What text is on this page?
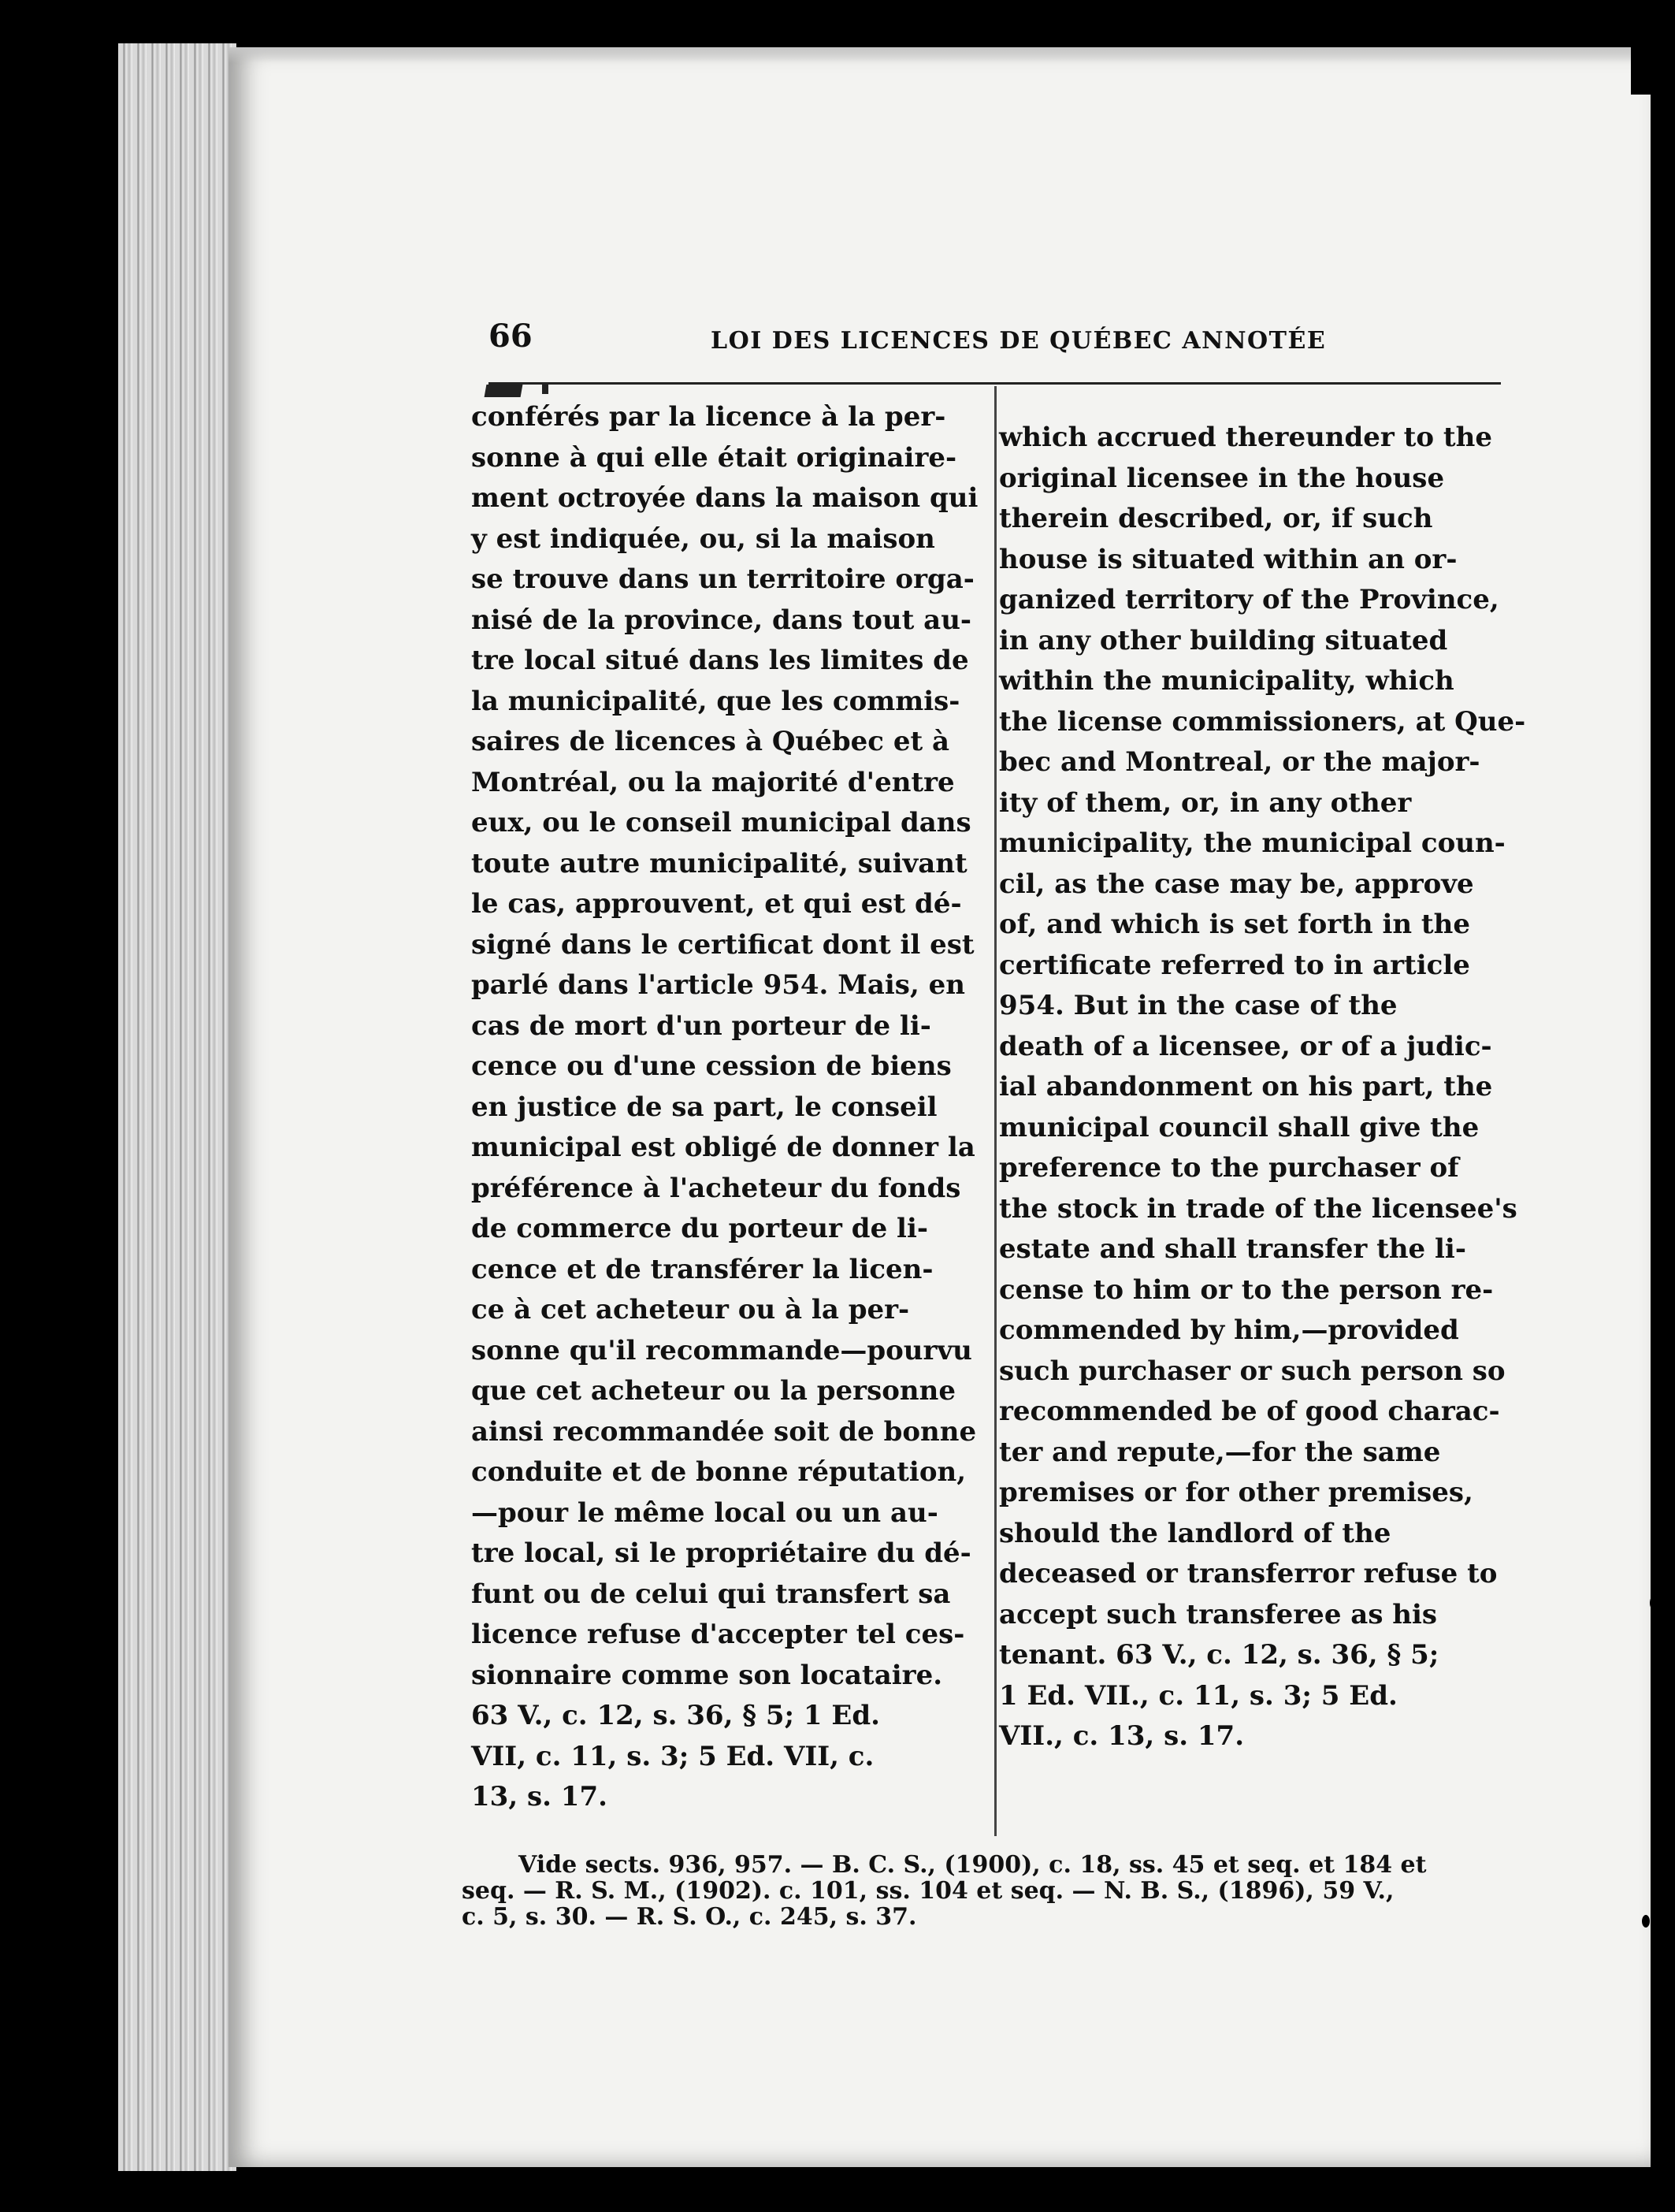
66	LOI DES LICENCES DE QUÉBEC ANNOTÉE
conférés par la licence à la per-
sonne à qui elle était originaire-
ment octroyée dans la maison qui
y est indiquée, ou, si la maison
se trouve dans un territoire orga-
nisé de la province, dans tout au-
tre local situé dans les limites de
la municipalité, que les commis-
saires de licences à Québec et à
Montréal, ou la majorité d'entre
eux, ou le conseil municipal dans
toute autre municipalité, suivant
le cas, approuvent, et qui est dé-
signé dans le certificat dont il est
parlé dans l'article 954. Mais, en
cas de mort d'un porteur de li-
cence ou d'une cession de biens
en justice de sa part, le conseil
municipal est obligé de donner la
préférence à l'acheteur du fonds
de commerce du porteur de li-
cence et de transférer la licen-
ce à cet acheteur ou à la per-
sonne qu'il recommande—pourvu
que cet acheteur ou la personne
ainsi recommandée soit de bonne
conduite et de bonne réputation,
—pour le même local ou un au-
tre local, si le propriétaire du dé-
funt ou de celui qui transfert sa
licence refuse d'accepter tel ces-
sionnaire comme son locataire.
63 V., c. 12, s. 36, § 5; 1 Ed.
VII, c. 11, s. 3; 5 Ed. VII, c.
13, s. 17.
which accrued thereunder to the
original licensee in the house
therein described, or, if such
house is situated within an or-
ganized territory of the Province,
in any other building situated
within the municipality, which
the license commissioners, at Que-
bec and Montreal, or the major-
ity of them, or, in any other
municipality, the municipal coun-
cil, as the case may be, approve
of, and which is set forth in the
certificate referred to in article
954. But in the case of the
death of a licensee, or of a judic-
ial abandonment on his part, the
municipal council shall give the
preference to the purchaser of
the stock in trade of the licensee's
estate and shall transfer the li-
cense to him or to the person re-
commended by him,—provided
such purchaser or such person so
recommended be of good charac-
ter and repute,—for the same
premises or for other premises,
should the landlord of the
deceased or transferror refuse to
accept such transferee as his
tenant. 63 V., c. 12, s. 36, § 5;
1 Ed. VII., c. 11, s. 3; 5 Ed.
VII., c. 13, s. 17.
Vide sects. 936, 957. — B. C. S., (1900), c. 18, ss. 45 et seq. et 184 et
seq. — R. S. M., (1902). c. 101, ss. 104 et seq. — N. B. S., (1896), 59 V.,
c. 5, s. 30. — R. S. O., c. 245, s. 37.
